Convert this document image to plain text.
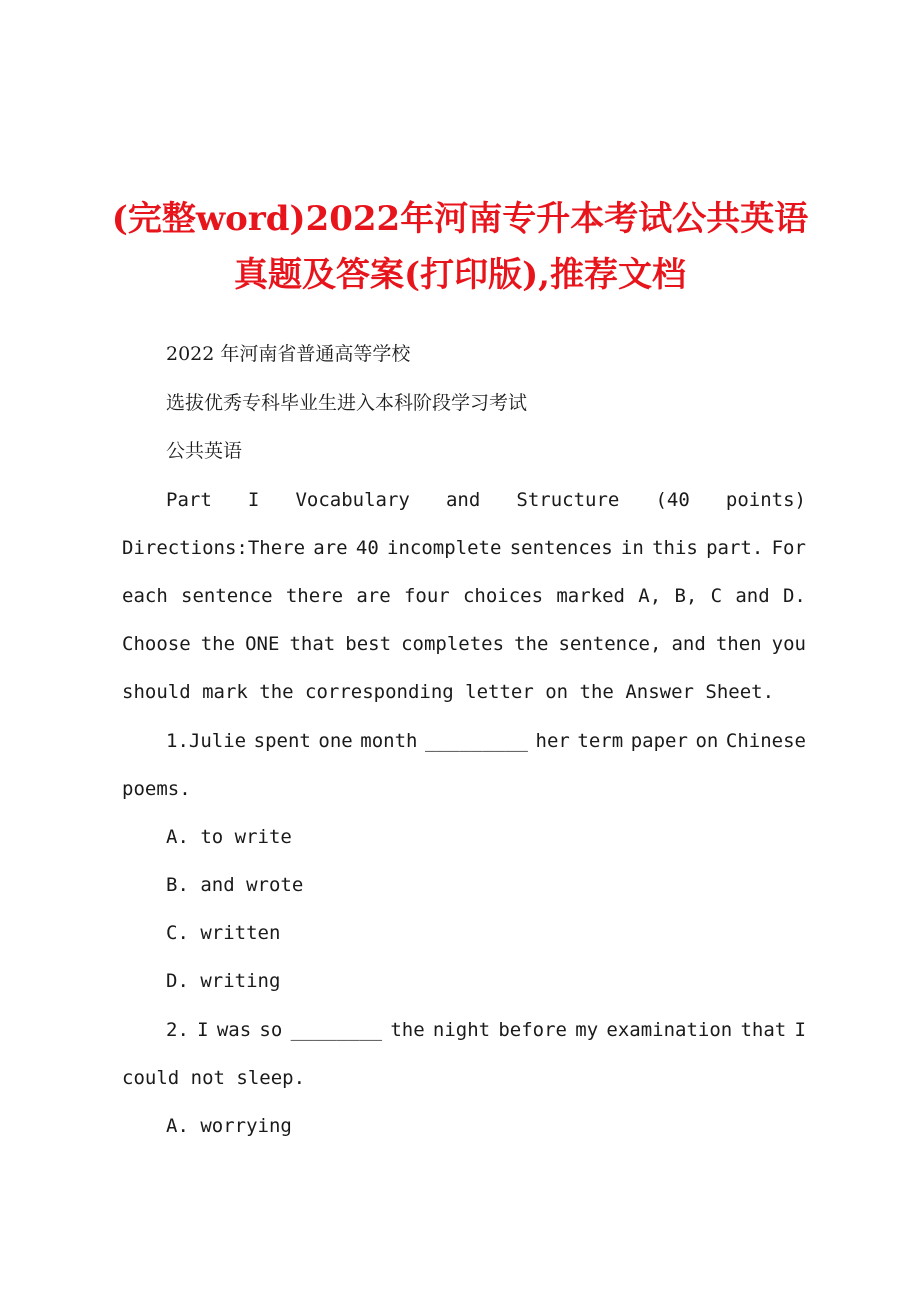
(完整word)2022年河南专升本考试公共英语
真题及答案(打印版),推荐文档
2022 年河南省普通高等学校
选拔优秀专科毕业生进入本科阶段学习考试
公共英语
Part I Vocabulary and Structure (40 points)
Directions:There are 40 incomplete sentences in this part. For
each sentence there are four choices marked A, B, C and D.
Choose the ONE that best completes the sentence, and then you
should mark the corresponding letter on the Answer Sheet.
1.Julie spent one month _________ her term paper on Chinese
poems.
A. to write
B. and wrote
C. written
D. writing
2. I was so ________ the night before my examination that I
could not sleep.
A. worrying
